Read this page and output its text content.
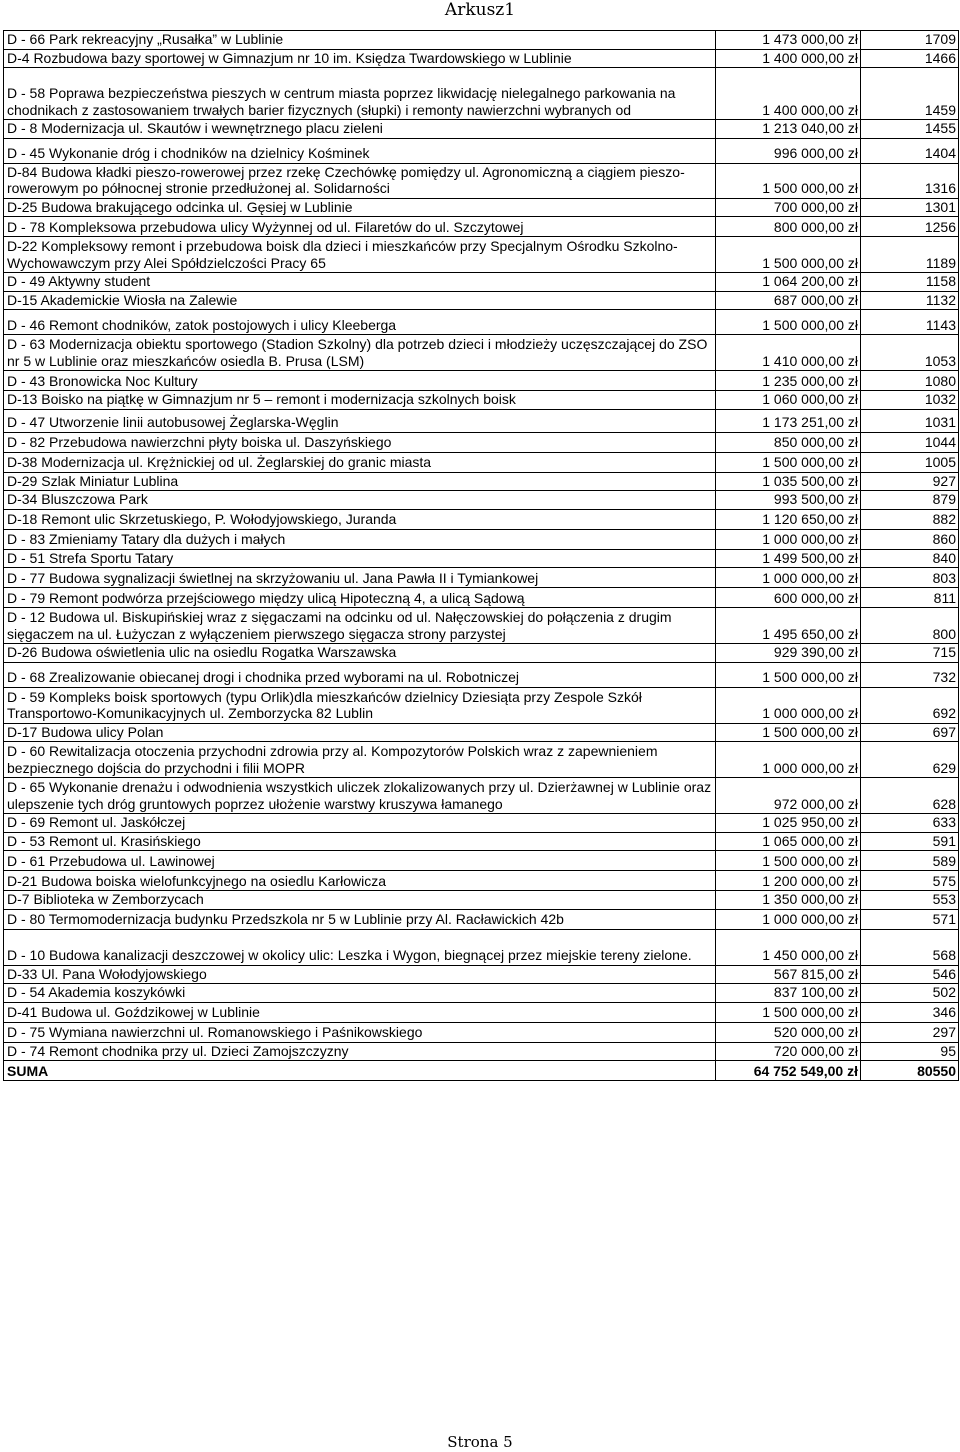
Arkusz1
D - 66 Park rekreacyjny „Rusałka” w Lublinie	1 473 000,00 zł	1709
D-4 Rozbudowa bazy sportowej w Gimnazjum nr 10 im. Księdza Twardowskiego w Lublinie	1 400 000,00 zł	1466
D - 58 Poprawa bezpieczeństwa pieszych w centrum miasta poprzez likwidację nielegalnego parkowania na chodnikach z zastosowaniem trwałych barier fizycznych (słupki) i remonty nawierzchni wybranych od	1 400 000,00 zł	1459
D - 8 Modernizacja ul. Skautów i wewnętrznego placu zieleni	1 213 040,00 zł	1455
D - 45 Wykonanie dróg i chodników na dzielnicy Kośminek	996 000,00 zł	1404
D-84 Budowa kładki pieszo-rowerowej przez rzekę Czechówkę pomiędzy ul. Agronomiczną a ciągiem pieszo-rowerowym po północnej stronie przedłużonej al. Solidarności	1 500 000,00 zł	1316
D-25 Budowa brakującego odcinka ul. Gęsiej w Lublinie	700 000,00 zł	1301
D - 78 Kompleksowa przebudowa ulicy Wyżynnej od ul. Filaretów do ul. Szczytowej	800 000,00 zł	1256
D-22 Kompleksowy remont i przebudowa boisk dla dzieci i mieszkańców przy Specjalnym Ośrodku Szkolno-Wychowawczym przy Alei Spółdzielczości Pracy 65	1 500 000,00 zł	1189
D - 49 Aktywny student	1 064 200,00 zł	1158
D-15 Akademickie Wiosła na Zalewie	687 000,00 zł	1132
D - 46 Remont chodników, zatok postojowych i ulicy Kleeberga	1 500 000,00 zł	1143
D - 63 Modernizacja obiektu sportowego (Stadion Szkolny) dla potrzeb dzieci i młodzieży uczęszczającej do ZSO nr 5 w Lublinie oraz mieszkańców osiedla B. Prusa (LSM)	1 410 000,00 zł	1053
D - 43 Bronowicka Noc Kultury	1 235 000,00 zł	1080
D-13 Boisko na piątkę w Gimnazjum nr 5 – remont i modernizacja szkolnych boisk	1 060 000,00 zł	1032
D - 47 Utworzenie linii autobusowej Żeglarska-Węglin	1 173 251,00 zł	1031
D - 82 Przebudowa nawierzchni płyty boiska ul. Daszyńskiego	850 000,00 zł	1044
D-38 Modernizacja ul. Krężnickiej od ul. Żeglarskiej do granic miasta	1 500 000,00 zł	1005
D-29 Szlak Miniatur Lublina	1 035 500,00 zł	927
D-34 Bluszczowa Park	993 500,00 zł	879
D-18 Remont ulic Skrzetuskiego, P. Wołodyjowskiego, Juranda	1 120 650,00 zł	882
D - 83 Zmieniamy Tatary dla dużych i małych	1 000 000,00 zł	860
D - 51 Strefa Sportu Tatary	1 499 500,00 zł	840
D - 77 Budowa sygnalizacji świetlnej na skrzyżowaniu ul. Jana Pawła II i Tymiankowej	1 000 000,00 zł	803
D - 79 Remont podwórza przejściowego między ulicą Hipoteczną 4, a ulicą Sądową	600 000,00 zł	811
D - 12 Budowa ul. Biskupińskiej wraz z sięgaczami na odcinku od ul. Nałęczowskiej do połączenia z drugim sięgaczem na ul. Łużyczan z wyłączeniem pierwszego sięgacza strony parzystej	1 495 650,00 zł	800
D-26 Budowa oświetlenia ulic na osiedlu Rogatka Warszawska	929 390,00 zł	715
D - 68 Zrealizowanie obiecanej drogi i chodnika przed wyborami na ul. Robotniczej	1 500 000,00 zł	732
D - 59 Kompleks boisk sportowych (typu Orlik)dla mieszkańców dzielnicy Dziesiąta przy Zespole Szkół Transportowo-Komunikacyjnych ul. Zemborzycka 82 Lublin	1 000 000,00 zł	692
D-17 Budowa ulicy Polan	1 500 000,00 zł	697
D - 60 Rewitalizacja otoczenia przychodni zdrowia przy al. Kompozytorów Polskich wraz z zapewnieniem bezpiecznego dojścia do przychodni i filii MOPR	1 000 000,00 zł	629
D - 65 Wykonanie drenażu i odwodnienia wszystkich uliczek zlokalizowanych przy ul. Dzierżawnej w Lublinie oraz ulepszenie tych dróg gruntowych poprzez ułożenie warstwy kruszywa łamanego	972 000,00 zł	628
D - 69 Remont ul. Jaskółczej	1 025 950,00 zł	633
D - 53 Remont ul. Krasińskiego	1 065 000,00 zł	591
D - 61 Przebudowa ul. Lawinowej	1 500 000,00 zł	589
D-21 Budowa boiska wielofunkcyjnego na osiedlu Karłowicza	1 200 000,00 zł	575
D-7 Biblioteka w Zemborzycach	1 350 000,00 zł	553
D - 80 Termomodernizacja budynku Przedszkola nr 5 w Lublinie przy Al. Racławickich 42b	1 000 000,00 zł	571
D - 10 Budowa kanalizacji deszczowej w okolicy ulic: Leszka i Wygon, biegnącej przez miejskie tereny zielone.	1 450 000,00 zł	568
D-33 Ul. Pana Wołodyjowskiego	567 815,00 zł	546
D - 54 Akademia koszykówki	837 100,00 zł	502
D-41 Budowa ul. Goździkowej w Lublinie	1 500 000,00 zł	346
D - 75 Wymiana nawierzchni ul. Romanowskiego i Paśnikowskiego	520 000,00 zł	297
D - 74 Remont chodnika przy ul. Dzieci Zamojszczyzny	720 000,00 zł	95
SUMA	64 752 549,00 zł	80550
Strona 5
